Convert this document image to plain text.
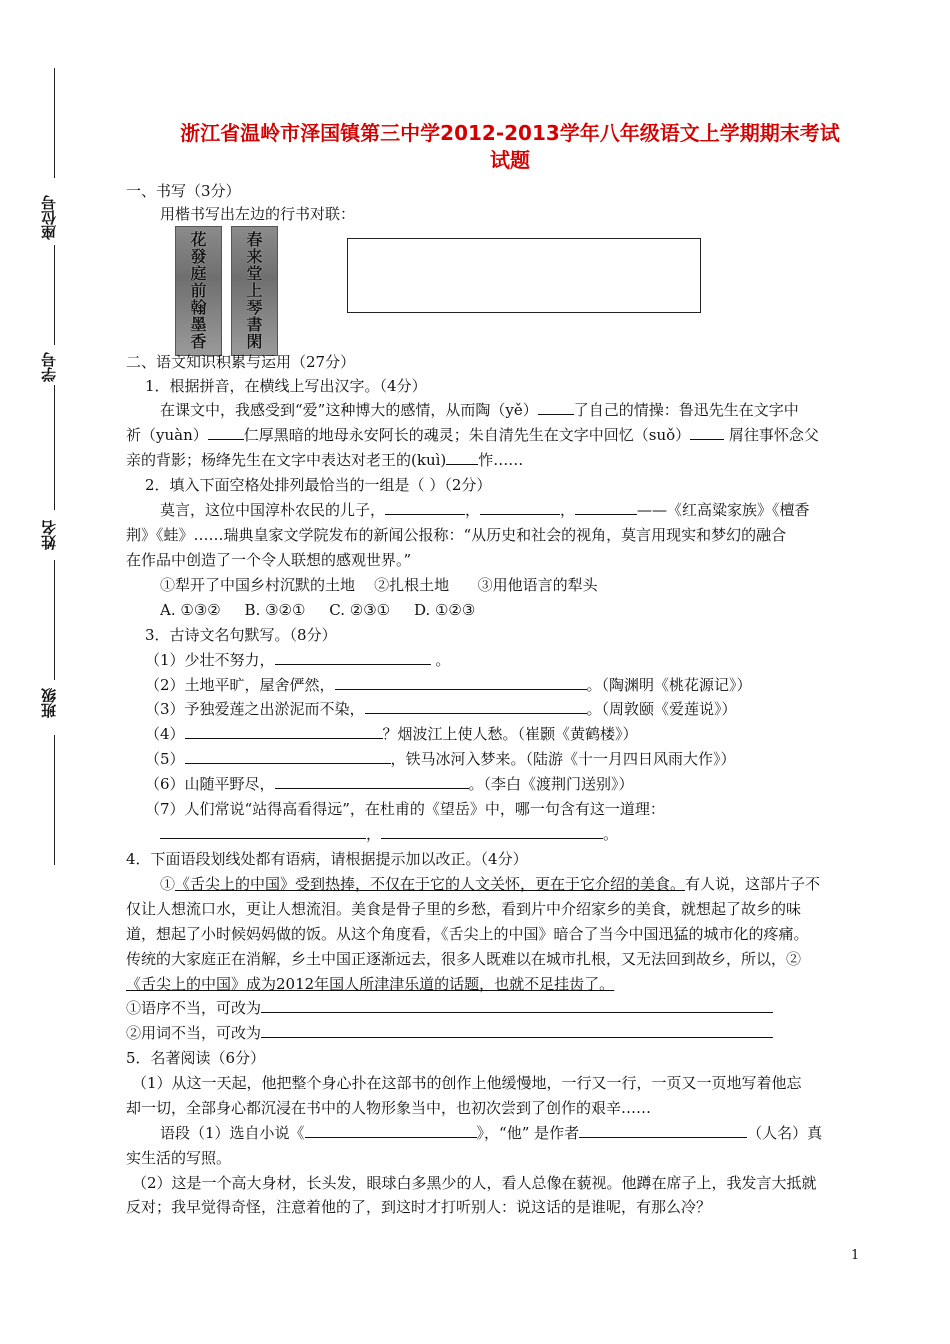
座位号
学号
姓名
班级
浙江省温岭市泽国镇第三中学2012-2013学年八年级语文上学期期末考试
试题
一、书写（3分）
用楷书写出左边的行书对联：
花
發
庭
前
翰
墨
香
春
来
堂
上
琴
書
閑
二、语文知识积累与运用（27分）
1．根据拼音，在横线上写出汉字。（4分）
在课文中，我感受到“爱”这种博大的感情，从而陶（yě） 了自己的情操：鲁迅先生在文字中
祈（yuàn） 仁厚黑暗的地母永安阿长的魂灵；朱自清先生在文字中回忆（suǒ） 屑往事怀念父
亲的背影；杨绛先生在文字中表达对老王的(kuì) 怍……
2．填入下面空格处排列最恰当的一组是（ ）（2分）
莫言，这位中国淳朴农民的儿子，	，	，	——《红高粱家族》《檀香
荆》《蛙》……瑞典皇家文学院发布的新闻公报称：“从历史和社会的视角，莫言用现实和梦幻的融合
在作品中创造了一个令人联想的感观世界。”
①犁开了中国乡村沉默的土地    ②扎根土地      ③用他语言的犁头
A. ①③②     B. ③②①     C. ②③①     D. ①②③
3．古诗文名句默写。（8分）
（1）少壮不努力，	。
（2）土地平旷，屋舍俨然，	。（陶渊明《桃花源记》）
（3）予独爱莲之出淤泥而不染，	。（周敦颐《爱莲说》）
（4）	？烟波江上使人愁。（崔颢《黄鹤楼》）
（5）	，铁马冰河入梦来。（陆游《十一月四日风雨大作》）
（6）山随平野尽，	。（李白《渡荆门送别》）
（7）人们常说“站得高看得远”，在杜甫的《望岳》中，哪一句含有这一道理：
，	。
4．下面语段划线处都有语病，请根据提示加以改正。（4分）
①《舌尖上的中国》受到热捧，不仅在于它的人文关怀，更在于它介绍的美食。有人说，这部片子不
仅让人想流口水，更让人想流泪。美食是骨子里的乡愁，看到片中介绍家乡的美食，就想起了故乡的味
道，想起了小时候妈妈做的饭。从这个角度看，《舌尖上的中国》暗合了当今中国迅猛的城市化的疼痛。
传统的大家庭正在消解，乡土中国正逐渐远去，很多人既难以在城市扎根，又无法回到故乡，所以，②
《舌尖上的中国》成为2012年国人所津津乐道的话题，也就不足挂齿了。
①语序不当，可改为
②用词不当，可改为
5．名著阅读（6分）
（1）从这一天起，他把整个身心扑在这部书的创作上他缓慢地，一行又一行，一页又一页地写着他忘
却一切，全部身心都沉浸在书中的人物形象当中，也初次尝到了创作的艰辛……
语段（1）选自小说《	》，“他” 是作者	（人名）真
实生活的写照。
（2）这是一个高大身材，长头发，眼球白多黑少的人，看人总像在藐视。他蹲在席子上，我发言大抵就
反对；我早觉得奇怪，注意着他的了，到这时才打听别人：说这话的是谁呢，有那么冷？
1
